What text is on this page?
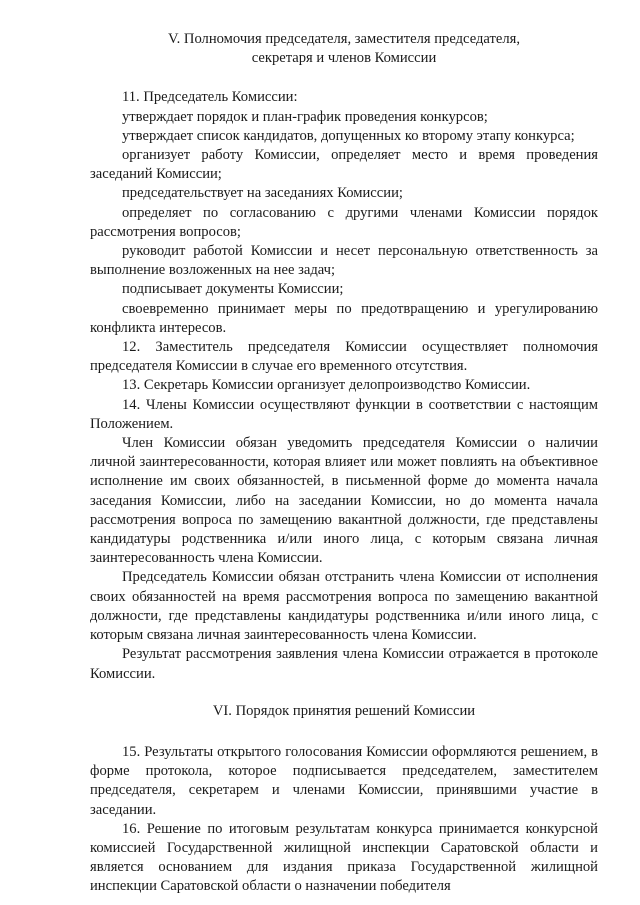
V. Полномочия председателя, заместителя председателя,
секретаря и членов Комиссии

11. Председатель Комиссии:

утверждает порядок и план-график проведения конкурсов;

утверждает список кандидатов, допущенных ко второму этапу конкурса;

организует работу Комиссии, определяет место и время проведения заседаний Комиссии;

председательствует на заседаниях Комиссии;

определяет по согласованию с другими членами Комиссии порядок рассмотрения вопросов;

руководит работой Комиссии и несет персональную ответственность за выполнение возложенных на нее задач;

подписывает документы Комиссии;

своевременно принимает меры по предотвращению и урегулированию конфликта интересов.

12. Заместитель председателя Комиссии осуществляет полномочия председателя Комиссии в случае его временного отсутствия.

13. Секретарь Комиссии организует делопроизводство Комиссии.

14. Члены Комиссии осуществляют функции в соответствии с настоящим Положением.

Член Комиссии обязан уведомить председателя Комиссии о наличии личной заинтересованности, которая влияет или может повлиять на объективное исполнение им своих обязанностей, в письменной форме до момента начала заседания Комиссии, либо на заседании Комиссии, но до момента начала рассмотрения вопроса по замещению вакантной должности, где представлены кандидатуры родственника и/или иного лица, с которым связана личная заинтересованность члена Комиссии.

Председатель Комиссии обязан отстранить члена Комиссии от исполнения своих обязанностей на время рассмотрения вопроса по замещению вакантной должности, где представлены кандидатуры родственника и/или иного лица, с которым связана личная заинтересованность члена Комиссии.

Результат рассмотрения заявления члена Комиссии отражается в протоколе Комиссии.

VI. Порядок принятия решений Комиссии

15. Результаты открытого голосования Комиссии оформляются решением, в форме протокола, которое подписывается председателем, заместителем председателя, секретарем и членами Комиссии, принявшими участие в заседании.

16. Решение по итоговым результатам конкурса принимается конкурсной комиссией Государственной жилищной инспекции Саратовской области и является основанием для издания приказа Государственной жилищной инспекции Саратовской области о назначении победителя
